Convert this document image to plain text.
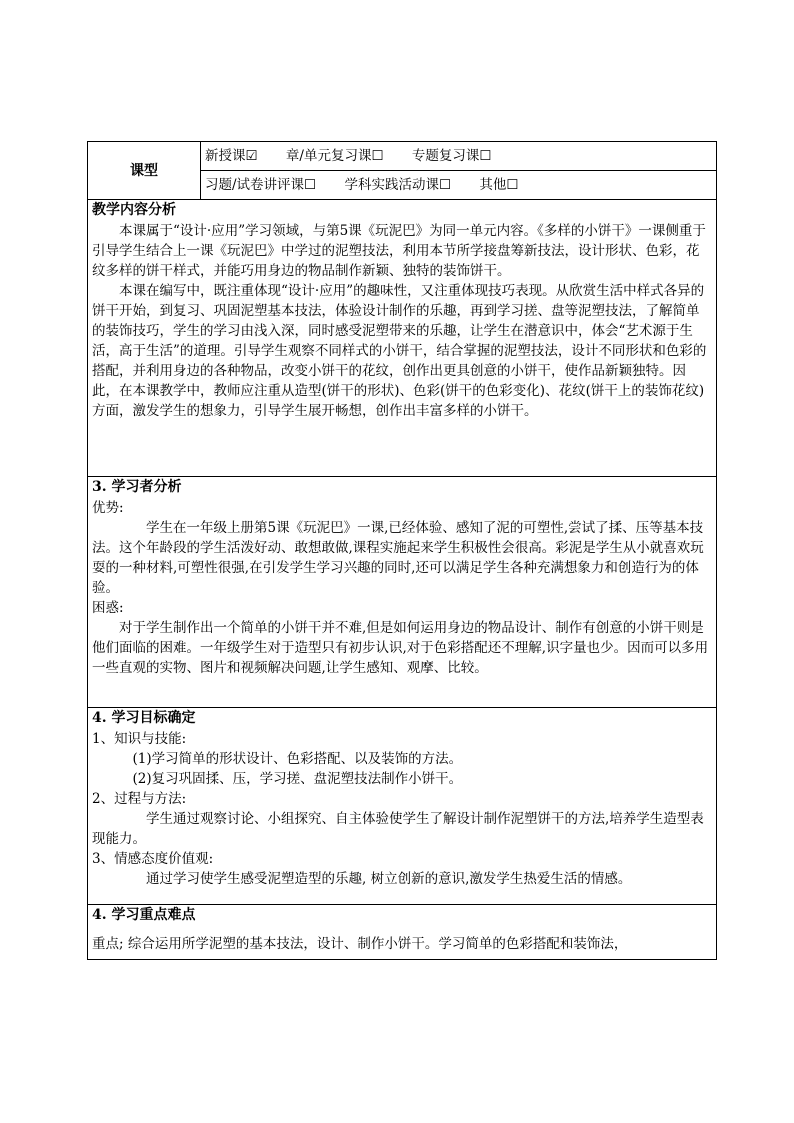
课型	新授课☑ 章/单元复习课☐ 专题复习课☐
习题/试卷讲评课☐ 学科实践活动课☐ 其他☐

教学内容分析

本课属于“设计·应用”学习领域，与第5课《玩泥巴》为同一单元内容。《多样的小饼干》一课侧重于引导学生结合上一课《玩泥巴》中学过的泥塑技法，利用本节所学接盘筹新技法，设计形状、色彩，花纹多样的饼干样式，并能巧用身边的物品制作新颖、独特的装饰饼干。

本课在编写中，既注重体现“设计·应用”的趣味性，又注重体现技巧表现。从欣赏生活中样式各异的饼干开始，到复习、巩固泥塑基本技法，体验设计制作的乐趣，再到学习搓、盘等泥塑技法，了解简单的装饰技巧，学生的学习由浅入深，同时感受泥塑带来的乐趣，让学生在潜意识中，体会“艺术源于生活，高于生活”的道理。引导学生观察不同样式的小饼干，结合掌握的泥塑技法，设计不同形状和色彩的搭配，并利用身边的各种物品，改变小饼干的花纹，创作出更具创意的小饼干，使作品新颖独特。因此，在本课教学中，教师应注重从造型(饼干的形状)、色彩(饼干的色彩变化)、花纹(饼干上的装饰花纹)方面，激发学生的想象力，引导学生展开畅想，创作出丰富多样的小饼干。

3. 学习者分析

优势:

学生在一年级上册第5课《玩泥巴》一课,已经体验、感知了泥的可塑性,尝试了揉、压等基本技法。这个年龄段的学生活泼好动、敢想敢做,课程实施起来学生积极性会很高。彩泥是学生从小就喜欢玩耍的一种材料,可塑性很强,在引发学生学习兴趣的同时,还可以满足学生各种充满想象力和创造行为的体验。

困惑:

对于学生制作出一个简单的小饼干并不难,但是如何运用身边的物品设计、制作有创意的小饼干则是他们面临的困难。一年级学生对于造型只有初步认识,对于色彩搭配还不理解,识字量也少。因而可以多用一些直观的实物、图片和视频解决问题,让学生感知、观摩、比较。

4. 学习目标确定

1、知识与技能:

(1)学习简单的形状设计、色彩搭配、以及装饰的方法。

(2)复习巩固揉、压，学习搓、盘泥塑技法制作小饼干。

2、过程与方法:

学生通过观察讨论、小组探究、自主体验使学生了解设计制作泥塑饼干的方法,培养学生造型表现能力。

3、情感态度价值观:

通过学习使学生感受泥塑造型的乐趣, 树立创新的意识,激发学生热爱生活的情感。

4. 学习重点难点

重点; 综合运用所学泥塑的基本技法，设计、制作小饼干。学习简单的色彩搭配和装饰法，
